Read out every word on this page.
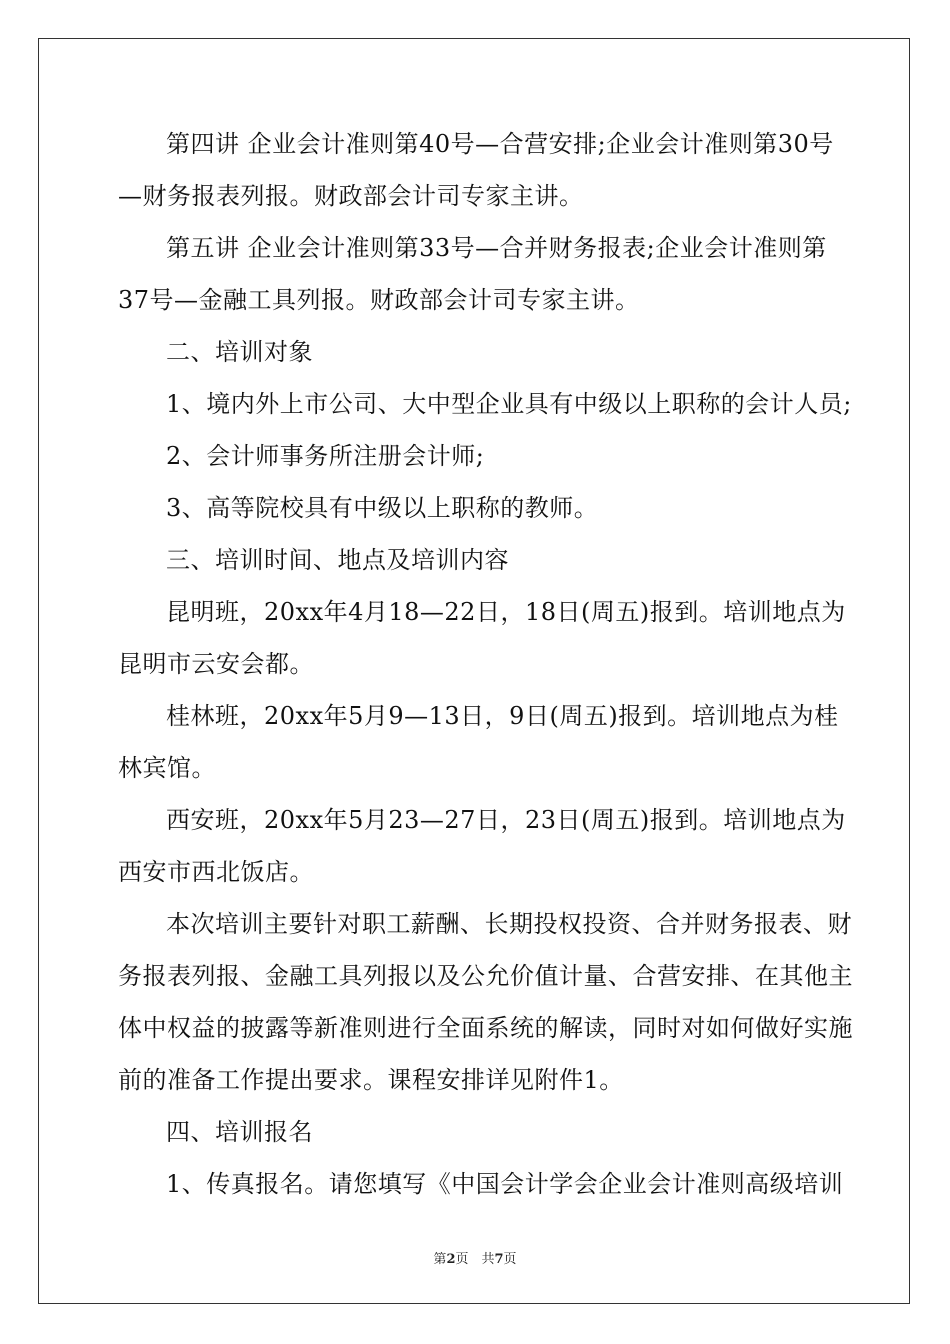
第四讲 企业会计准则第40号—合营安排;企业会计准则第30号
—财务报表列报。财政部会计司专家主讲。
第五讲 企业会计准则第33号—合并财务报表;企业会计准则第
37号—金融工具列报。财政部会计司专家主讲。
二、培训对象
1、境内外上市公司、大中型企业具有中级以上职称的会计人员;
2、会计师事务所注册会计师;
3、高等院校具有中级以上职称的教师。
三、培训时间、地点及培训内容
昆明班，20xx年4月18—22日，18日(周五)报到。培训地点为
昆明市云安会都。
桂林班，20xx年5月9—13日，9日(周五)报到。培训地点为桂
林宾馆。
西安班，20xx年5月23—27日，23日(周五)报到。培训地点为
西安市西北饭店。
本次培训主要针对职工薪酬、长期投权投资、合并财务报表、财
务报表列报、金融工具列报以及公允价值计量、合营安排、在其他主
体中权益的披露等新准则进行全面系统的解读，同时对如何做好实施
前的准备工作提出要求。课程安排详见附件1。
四、培训报名
1、传真报名。请您填写《中国会计学会企业会计准则高级培训
第2页　共7页
